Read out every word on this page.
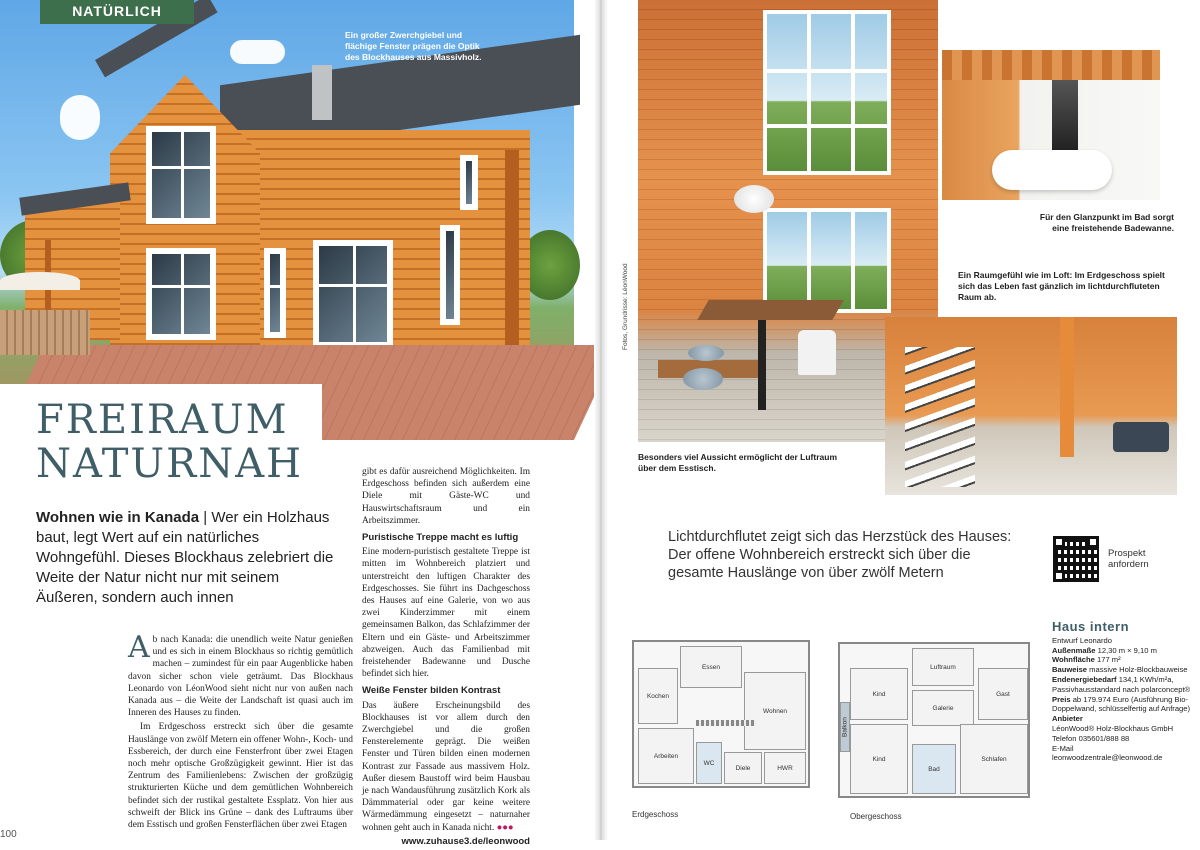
NATÜRLICH
Ein großer Zwerchgiebel und flächige Fenster prägen die Optik des Blockhauses aus Massivholz.
FREIRAUM
NATURNAH
Wohnen wie in Kanada | Wer ein Holzhaus baut, legt Wert auf ein natürliches Wohngefühl. Dieses Blockhaus zelebriert die Weite der Natur nicht nur mit seinem Äußeren, sondern auch innen

Ab nach Kanada: die unendlich weite Natur genießen und es sich in einem Blockhaus so richtig gemütlich machen – zumindest für ein paar Augenblicke haben davon sicher schon viele geträumt. Das Blockhaus Leonardo von LéonWood sieht nicht nur von außen nach Kanada aus – die Weite der Landschaft ist quasi auch im Inneren des Hauses zu finden.

Im Erdgeschoss erstreckt sich über die gesamte Hauslänge von zwölf Metern ein offener Wohn-, Koch- und Essbereich, der durch eine Fensterfront über zwei Etagen noch mehr optische Großzügigkeit gewinnt. Hier ist das Zentrum des Familienlebens: Zwischen der großzügig strukturierten Küche und dem gemütlichen Wohnbereich befindet sich der rustikal gestaltete Essplatz. Von hier aus schweift der Blick ins Grüne – dank des Luftraums über dem Esstisch und großen Fensterflächen über zwei Etagen

gibt es dafür ausreichend Möglichkeiten. Im Erdgeschoss befinden sich außerdem eine Diele mit Gäste-WC und Hauswirtschaftsraum und ein Arbeitszimmer.

Puristische Treppe macht es luftig

Eine modern-puristisch gestaltete Treppe ist mitten im Wohnbereich platziert und unterstreicht den luftigen Charakter des Erdgeschosses. Sie führt ins Dachgeschoss des Hauses auf eine Galerie, von wo aus zwei Kinderzimmer mit einem gemeinsamen Balkon, das Schlafzimmer der Eltern und ein Gäste- und Arbeitszimmer abzweigen. Auch das Familienbad mit freistehender Badewanne und Dusche befindet sich hier.

Weiße Fenster bilden Kontrast

Das äußere Erscheinungsbild des Blockhauses ist vor allem durch den Zwerchgiebel und die großen Fensterelemente geprägt. Die weißen Fenster und Türen bilden einen modernen Kontrast zur Fassade aus massivem Holz. Außer diesem Baustoff wird beim Hausbau je nach Wandausführung zusätzlich Kork als Dämmmaterial oder gar keine weitere Wärmedämmung eingesetzt – naturnaher wohnen geht auch in Kanada nicht. ●●●

www.zuhause3.de/leonwood

100
Fotos, Grundrisse: LéonWood
Für den Glanzpunkt im Bad sorgt eine freistehende Badewanne.
Ein Raumgefühl wie im Loft: Im Erdgeschoss spielt sich das Leben fast gänzlich im lichtdurchfluteten Raum ab.
Besonders viel Aussicht ermöglicht der Luftraum über dem Esstisch.
Lichtdurchflutet zeigt sich das Herzstück des Hauses: Der offene Wohnbereich erstreckt sich über die gesamte Hauslänge von über zwölf Metern
Prospekt
anfordern
Essen
Kochen
Wohnen
Arbeiten
WC
Diele	HWR
Erdgeschoss
Luftraum
Kind
Galerie
Gast
Balkon
Kind
Bad
Schlafen
Obergeschoss
Haus intern
Entwurf Leonardo
Außenmaße 12,30 m × 9,10 m
Wohnfläche 177 m²
Bauweise massive Holz-Blockbauweise
Endenergiebedarf 134,1 KWh/m²a, Passivhausstandard nach polarconcept®
Preis ab 179.974 Euro (Ausführung Bio-Doppelwand, schlüsselfertig auf Anfrage)
Anbieter
LéonWood® Holz-Blockhaus GmbH
Telefon 035601/888 88
E-Mail
leonwoodzentrale@leonwood.de
